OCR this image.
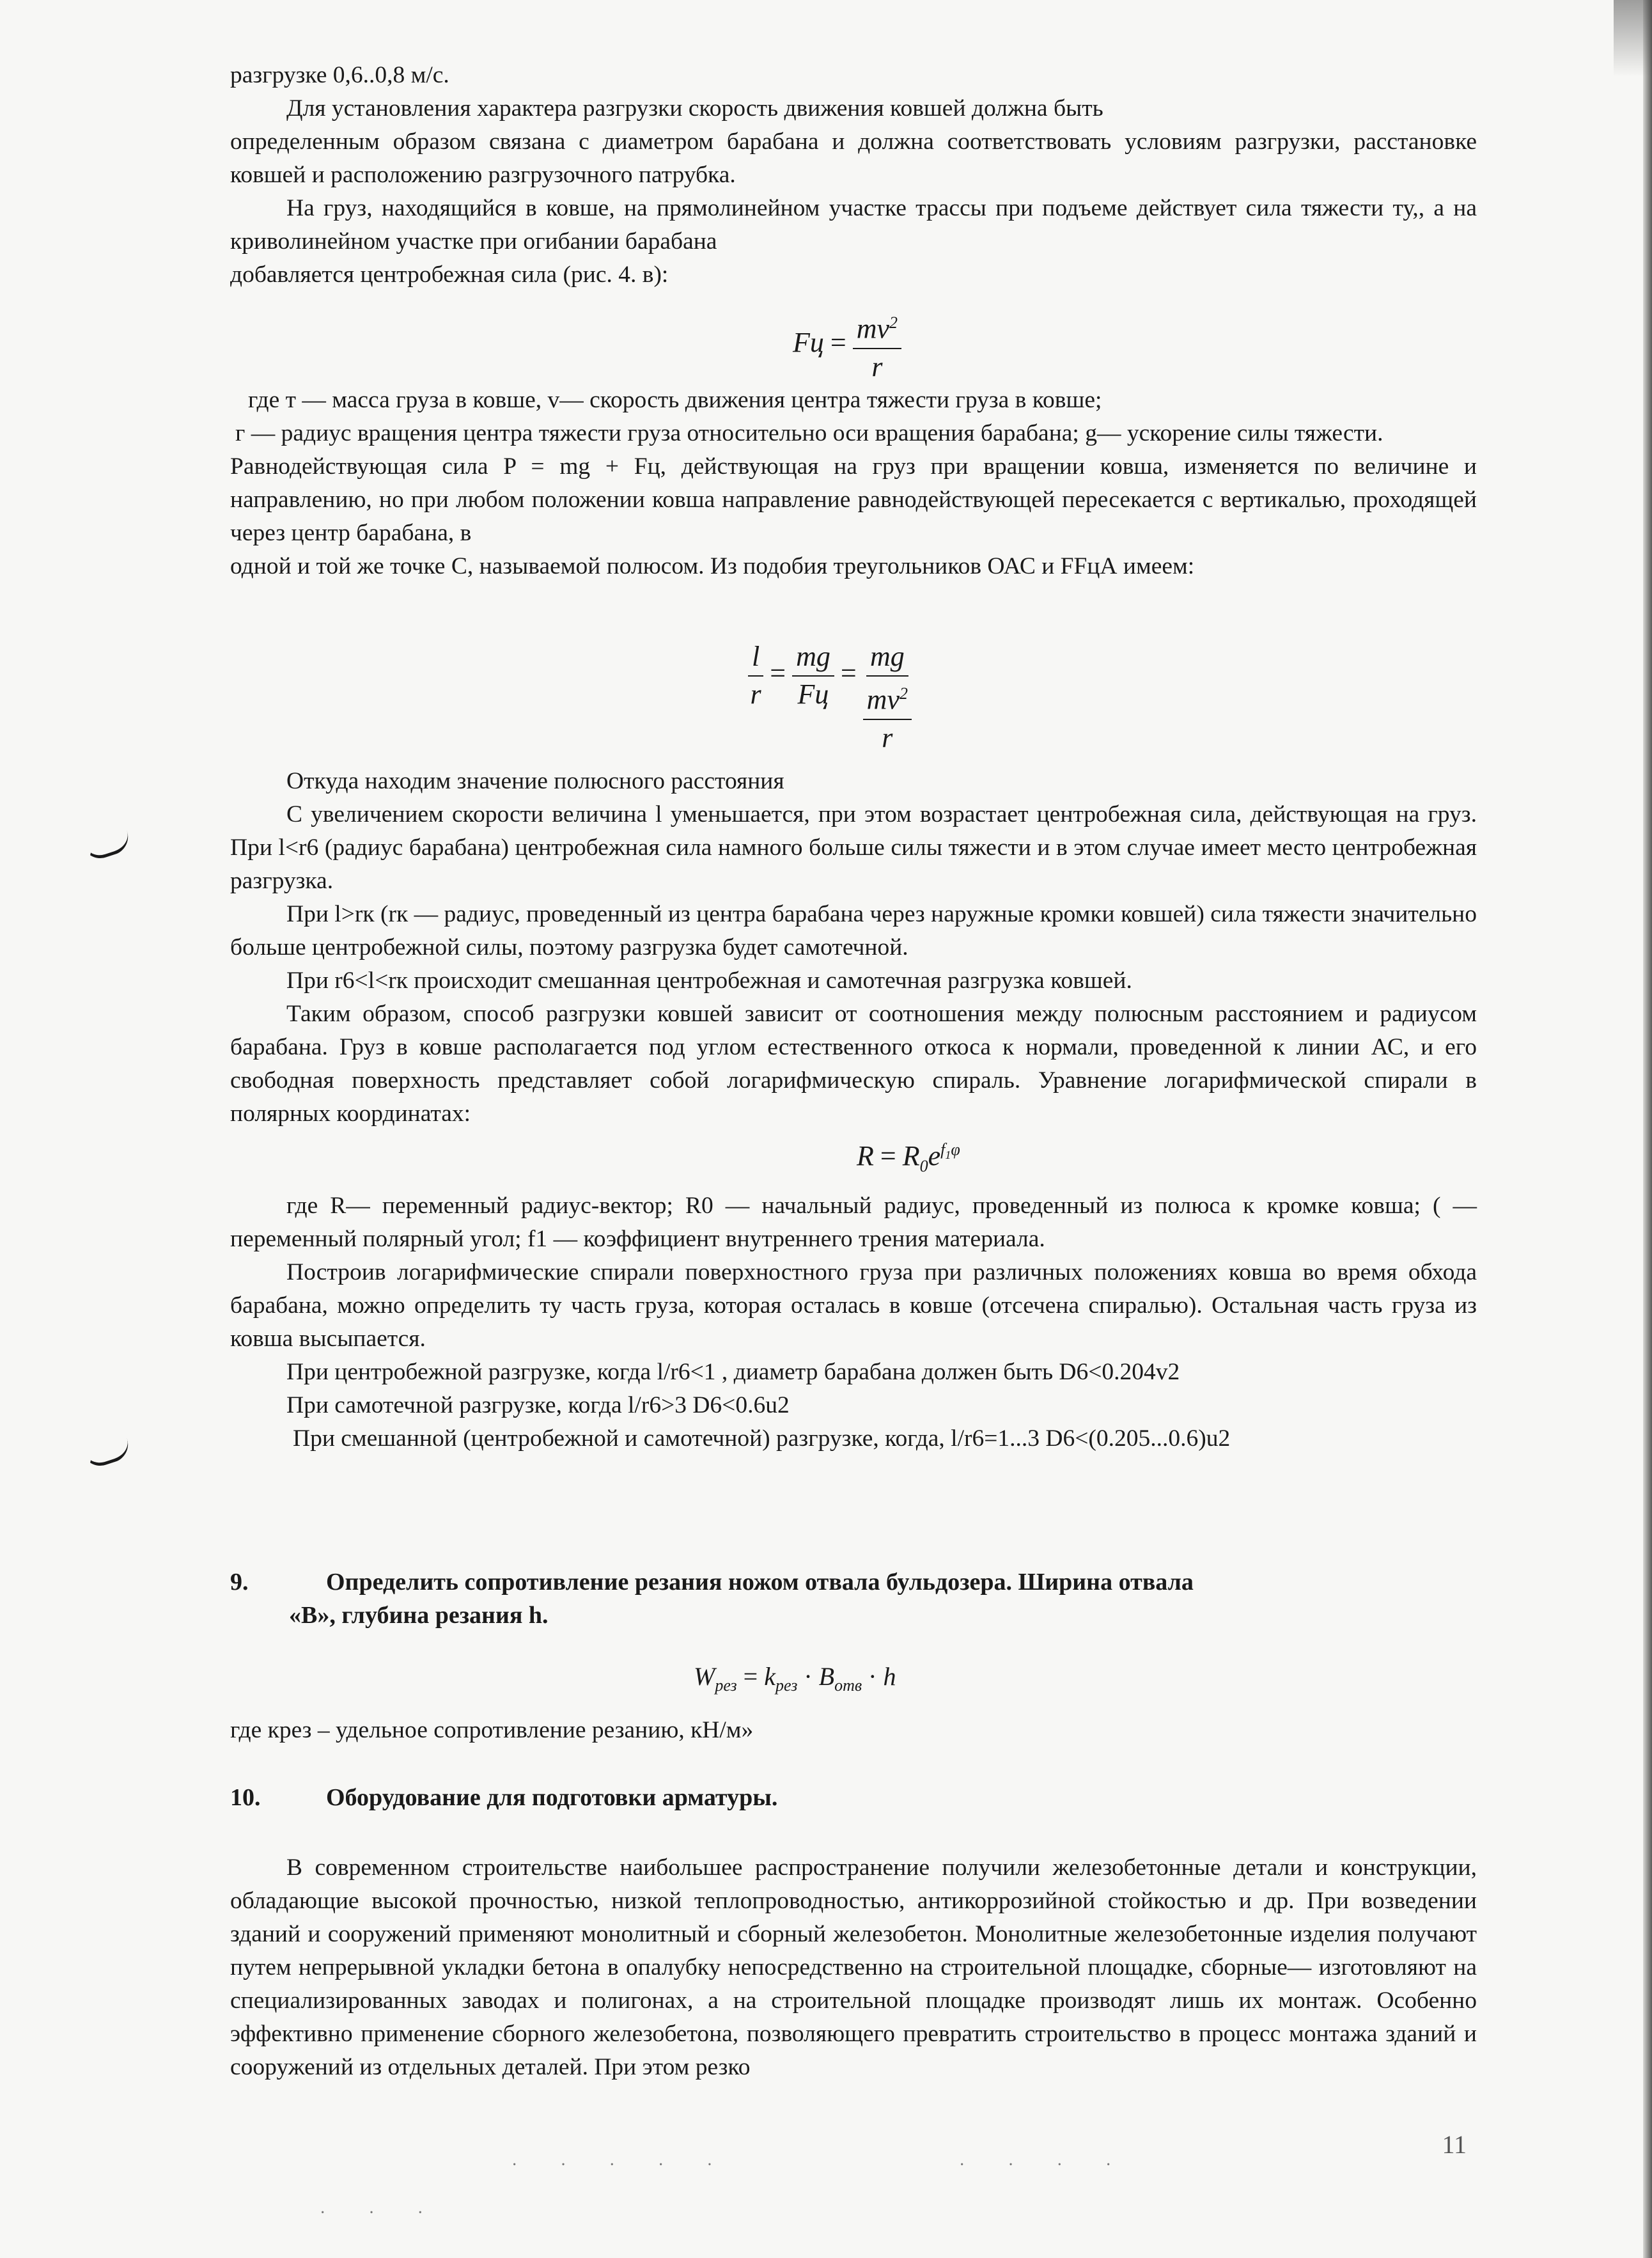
разгрузке 0,6..0,8 м/с.

Для установления характера разгрузки скорость движения ковшей должна быть

определенным образом связана с диаметром барабана и должна соответствовать условиям разгрузки, расстановке ковшей и расположению разгрузочного патрубка.

На груз, находящийся в ковше, на прямолинейном участке трассы при подъеме действует сила тяжести ту,, а на криволинейном участке при огибании барабана

добавляется центробежная сила (рис. 4. в):

Fц = $\frac{mv^2}{r}$

где т — масса груза в ковше, v— скорость движения центра тяжести груза в ковше;

г — радиус вращения центра тяжести груза относительно оси вращения барабана; g— ускорение силы тяжести.

Равнодействующая сила P = mg + Fц, действующая на груз при вращении ковша, изменяется по величине и направлению, но при любом положении ковша направление равнодействующей пересекается с вертикалью, проходящей через центр барабана, в

одной и той же точке С, называемой полюсом. Из подобия треугольников ОАС и FFцА имеем:

$\frac{l}{r} = \frac{mg}{Fц} = \frac{mg}{\frac{mv^2}{r}}$

Откуда находим значение полюсного расстояния

С увеличением скорости величина l уменьшается, при этом возрастает центробежная сила, действующая на груз. При l<r6 (радиус барабана) центробежная сила намного больше силы тяжести и в этом случае имеет место центробежная разгрузка.

При l>rк (rк — радиус, проведенный из центра барабана через наружные кромки ковшей) сила тяжести значительно больше центробежной силы, поэтому разгрузка будет самотечной.

При r6<l<rк происходит смешанная центробежная и самотечная разгрузка ковшей.

Таким образом, способ разгрузки ковшей зависит от соотношения между полюсным расстоянием и радиусом барабана. Груз в ковше располагается под углом естественного откоса к нормали, проведенной к линии АС, и его свободная поверхность представляет собой логарифмическую спираль. Уравнение логарифмической спирали в полярных координатах:

$R = R_0e^{f_1\varphi}$

где R— переменный радиус-вектор; R0 — начальный радиус, проведенный из полюса к кромке ковша; ( — переменный полярный угол; f1 — коэффициент внутреннего трения материала.

Построив логарифмические спирали поверхностного груза при различных положениях ковша во время обхода барабана, можно определить ту часть груза, которая осталась в ковше (отсечена спиралью). Остальная часть груза из ковша высыпается.

При центробежной разгрузке, когда l/r6<1 , диаметр барабана должен быть D6<0.204v2

При самотечной разгрузке, когда l/r6>3 D6<0.6u2

При смешанной (центробежной и самотечной) разгрузке, когда, l/r6=1...3 D6<(0.205...0.6)u2

9.	Определить сопротивление резания ножом отвала бульдозера. Ширина отвала
«В», глубина резания h.
$W_{рез} = k_{рез} \cdot B_{отв} \cdot h$

где крез – удельное сопротивление резанию, кН/м»

10.	Оборудование для подготовки арматуры.

В современном строительстве наибольшее распространение получили железобетонные детали и конструкции, обладающие высокой прочностью, низкой теплопроводностью, антикоррозийной стойкостью и др. При возведении зданий и сооружений применяют монолитный и сборный железобетон. Монолитные железобетонные изделия получают путем непрерывной укладки бетона в опалубку непосредственно на строительной площадке, сборные— изготовляют на специализированных заводах и полигонах, а на строительной площадке производят лишь их монтаж. Особенно эффективно применение сборного железобетона, позволяющего превратить строительство в процесс монтажа зданий и сооружений из отдельных деталей. При этом резко

11
· · · · ·	· · · ·
· · ·
